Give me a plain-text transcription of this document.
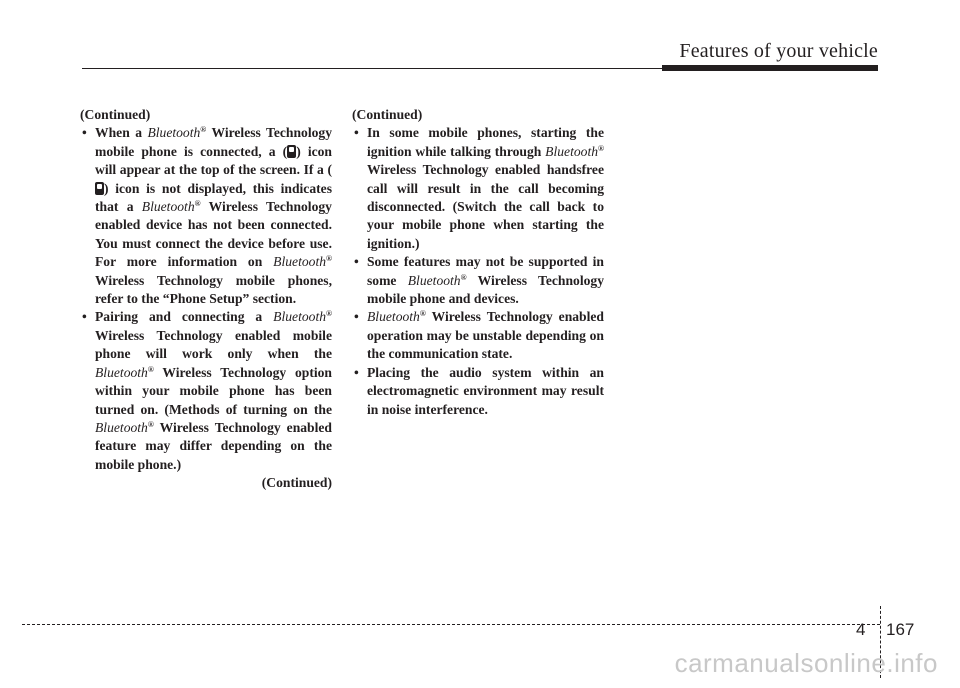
Features of your vehicle
(Continued)
• When a Bluetooth® Wireless Technology mobile phone is connected, a ( ) icon will appear at the top of the screen. If a () icon is not displayed, this indicates that a Bluetooth® Wireless Technology enabled device has not been connected. You must connect the device before use. For more information on Bluetooth® Wireless Technology mobile phones, refer to the “Phone Setup” section.
• Pairing and connecting a Bluetooth® Wireless Technology enabled mobile phone will work only when the Bluetooth® Wireless Technology option within your mobile phone has been turned on. (Methods of turning on the Bluetooth® Wireless Technology enabled feature may differ depending on the mobile phone.)
(Continued)
(Continued)
• In some mobile phones, starting the ignition while talking through Bluetooth® Wireless Technology enabled handsfree call will result in the call becoming disconnected. (Switch the call back to your mobile phone when starting the ignition.)
• Some features may not be supported in some Bluetooth® Wireless Technology mobile phone and devices.
• Bluetooth® Wireless Technology enabled operation may be unstable depending on the communication state.
• Placing the audio system within an electromagnetic environment may result in noise interference.
4 167
carmanualsonline.info
